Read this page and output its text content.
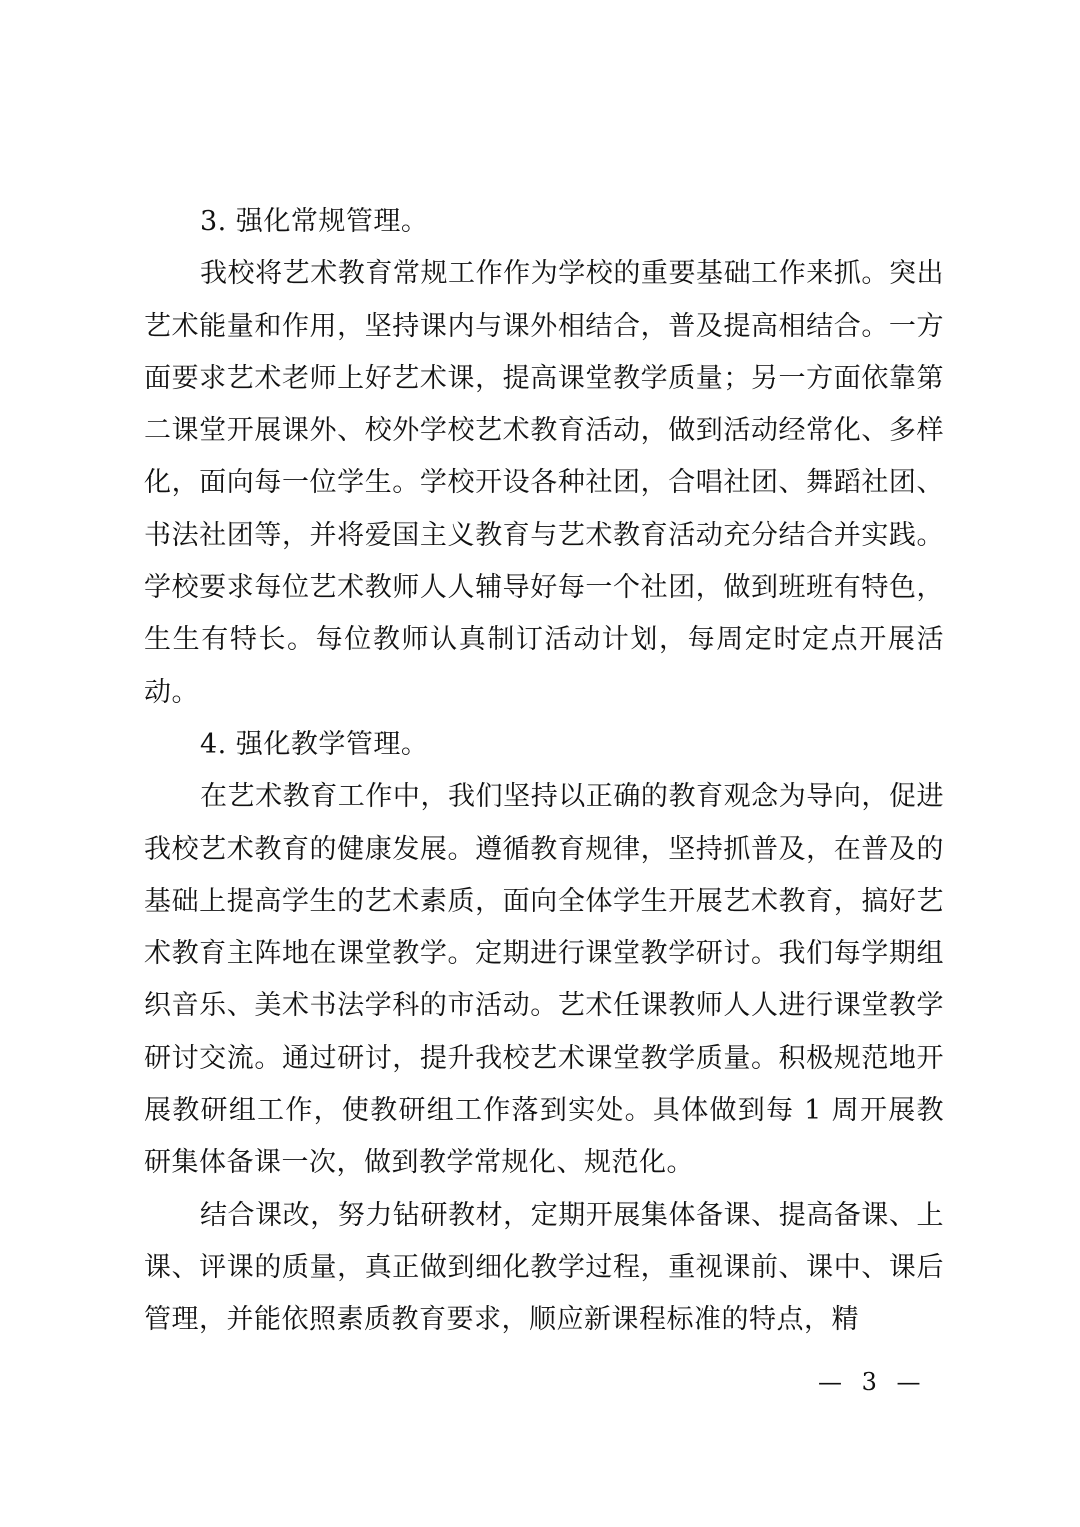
3. 强化常规管理。

我校将艺术教育常规工作作为学校的重要基础工作来抓。突出艺术能量和作用，坚持课内与课外相结合，普及提高相结合。一方面要求艺术老师上好艺术课，提高课堂教学质量；另一方面依靠第二课堂开展课外、校外学校艺术教育活动，做到活动经常化、多样化，面向每一位学生。学校开设各种社团，合唱社团、舞蹈社团、书法社团等，并将爱国主义教育与艺术教育活动充分结合并实践。学校要求每位艺术教师人人辅导好每一个社团，做到班班有特色，生生有特长。每位教师认真制订活动计划，每周定时定点开展活动。

4. 强化教学管理。

在艺术教育工作中，我们坚持以正确的教育观念为导向，促进我校艺术教育的健康发展。遵循教育规律，坚持抓普及，在普及的基础上提高学生的艺术素质，面向全体学生开展艺术教育，搞好艺术教育主阵地在课堂教学。定期进行课堂教学研讨。我们每学期组织音乐、美术书法学科的市活动。艺术任课教师人人进行课堂教学研讨交流。通过研讨，提升我校艺术课堂教学质量。积极规范地开展教研组工作，使教研组工作落到实处。具体做到每 1 周开展教研集体备课一次，做到教学常规化、规范化。

结合课改，努力钻研教材，定期开展集体备课、提高备课、上课、评课的质量，真正做到细化教学过程，重视课前、课中、课后管理，并能依照素质教育要求，顺应新课程标准的特点，精

— 3 —
